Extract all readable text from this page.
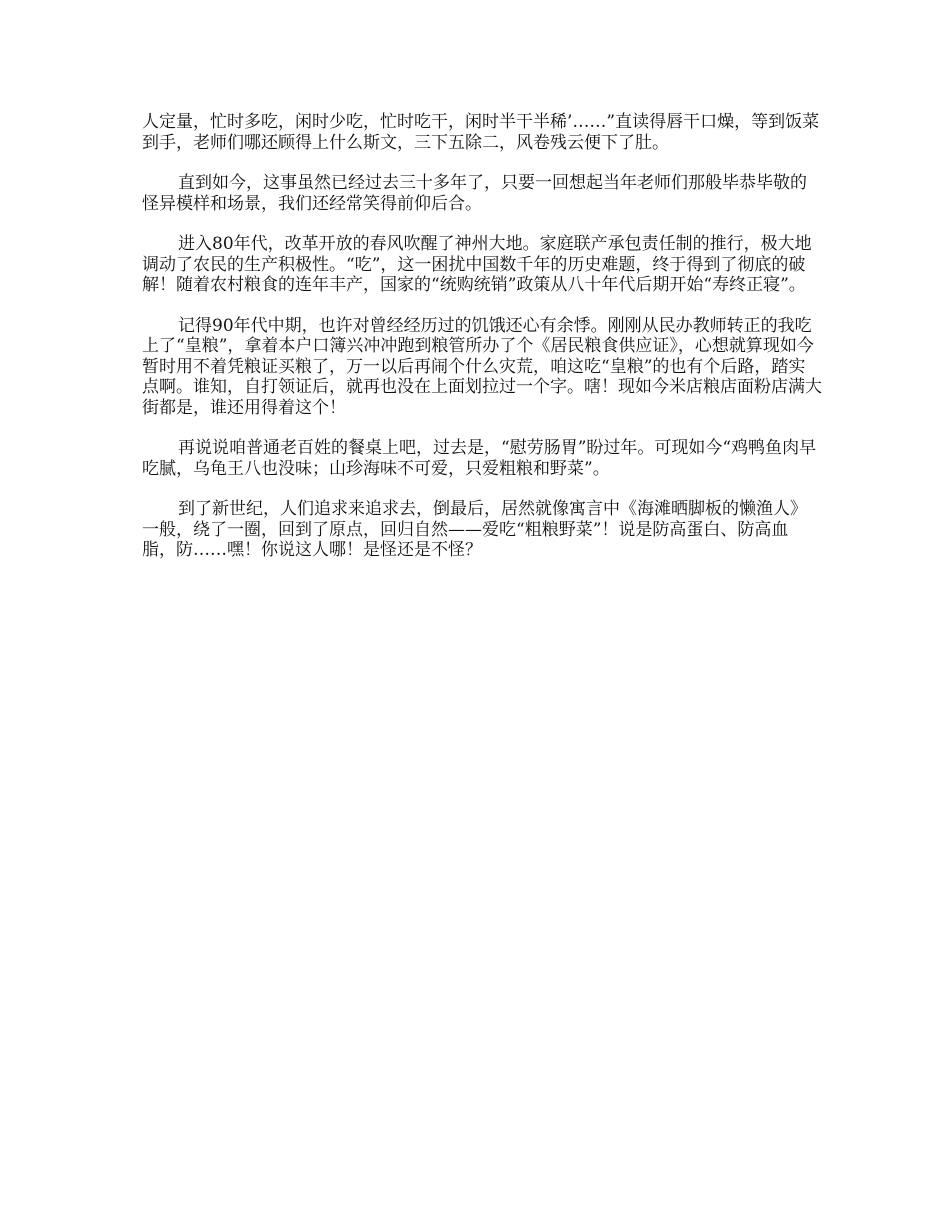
人定量，忙时多吃，闲时少吃，忙时吃干，闲时半干半稀’……”直读得唇干口燥，等到饭菜到手，老师们哪还顾得上什么斯文，三下五除二，风卷残云便下了肚。

直到如今，这事虽然已经过去三十多年了，只要一回想起当年老师们那般毕恭毕敬的怪异模样和场景，我们还经常笑得前仰后合。

进入80年代，改革开放的春风吹醒了神州大地。家庭联产承包责任制的推行，极大地调动了农民的生产积极性。“吃”，这一困扰中国数千年的历史难题，终于得到了彻底的破解！随着农村粮食的连年丰产，国家的“统购统销”政策从八十年代后期开始“寿终正寝”。

记得90年代中期，也许对曾经经历过的饥饿还心有余悸。刚刚从民办教师转正的我吃上了“皇粮”，拿着本户口簿兴冲冲跑到粮管所办了个《居民粮食供应证》，心想就算现如今暂时用不着凭粮证买粮了，万一以后再闹个什么灾荒，咱这吃“皇粮”的也有个后路，踏实点啊。谁知，自打领证后，就再也没在上面划拉过一个字。嗐！现如今米店粮店面粉店满大街都是，谁还用得着这个！

再说说咱普通老百姓的餐桌上吧，过去是，“慰劳肠胃”盼过年。可现如今“鸡鸭鱼肉早吃腻，乌龟王八也没味；山珍海味不可爱，只爱粗粮和野菜”。

到了新世纪，人们追求来追求去，倒最后，居然就像寓言中《海滩晒脚板的懒渔人》一般，绕了一圈，回到了原点，回归自然——爱吃“粗粮野菜”！说是防高蛋白、防高血脂，防……嘿！你说这人哪！是怪还是不怪？
